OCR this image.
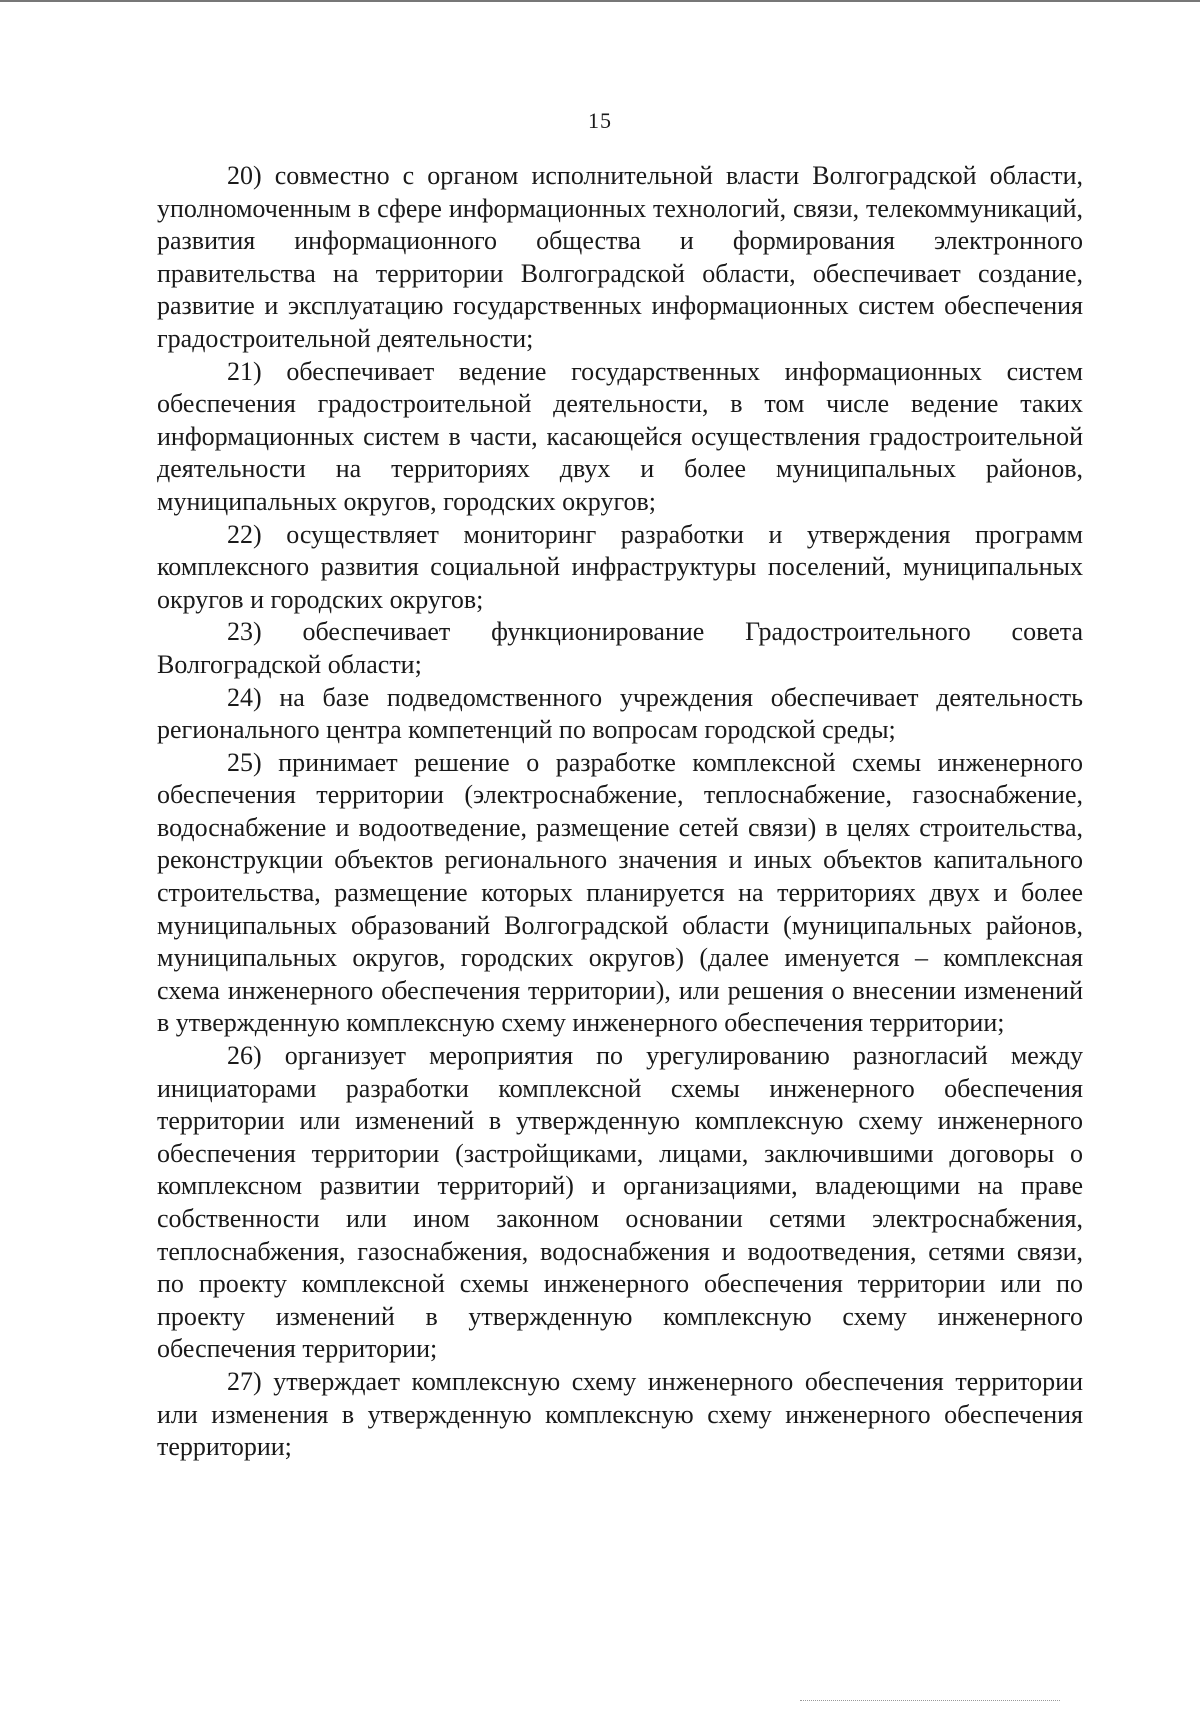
15

20) совместно с органом исполнительной власти Волгоградской области, уполномоченным в сфере информационных технологий, связи, телекоммуникаций, развития информационного общества и формирования электронного правительства на территории Волгоградской области, обеспечивает создание, развитие и эксплуатацию государственных информационных систем обеспечения градостроительной деятельности;

21) обеспечивает ведение государственных информационных систем обеспечения градостроительной деятельности, в том числе ведение таких информационных систем в части, касающейся осуществления градостроительной деятельности на территориях двух и более муниципальных районов, муниципальных округов, городских округов;

22) осуществляет мониторинг разработки и утверждения программ комплексного развития социальной инфраструктуры поселений, муниципальных округов и городских округов;

23) обеспечивает функционирование Градостроительного совета Волгоградской области;

24) на базе подведомственного учреждения обеспечивает деятельность регионального центра компетенций по вопросам городской среды;

25) принимает решение о разработке комплексной схемы инженерного обеспечения территории (электроснабжение, теплоснабжение, газоснабжение, водоснабжение и водоотведение, размещение сетей связи) в целях строительства, реконструкции объектов регионального значения и иных объектов капитального строительства, размещение которых планируется на территориях двух и более муниципальных образований Волгоградской области (муниципальных районов, муниципальных округов, городских округов) (далее именуется – комплексная схема инженерного обеспечения территории), или решения о внесении изменений в утвержденную комплексную схему инженерного обеспечения территории;

26) организует мероприятия по урегулированию разногласий между инициаторами разработки комплексной схемы инженерного обеспечения территории или изменений в утвержденную комплексную схему инженерного обеспечения территории (застройщиками, лицами, заключившими договоры о комплексном развитии территорий) и организациями, владеющими на праве собственности или ином законном основании сетями электроснабжения, теплоснабжения, газоснабжения, водоснабжения и водоотведения, сетями связи, по проекту комплексной схемы инженерного обеспечения территории или по проекту изменений в утвержденную комплексную схему инженерного обеспечения территории;

27) утверждает комплексную схему инженерного обеспечения территории или изменения в утвержденную комплексную схему инженерного обеспечения территории;
